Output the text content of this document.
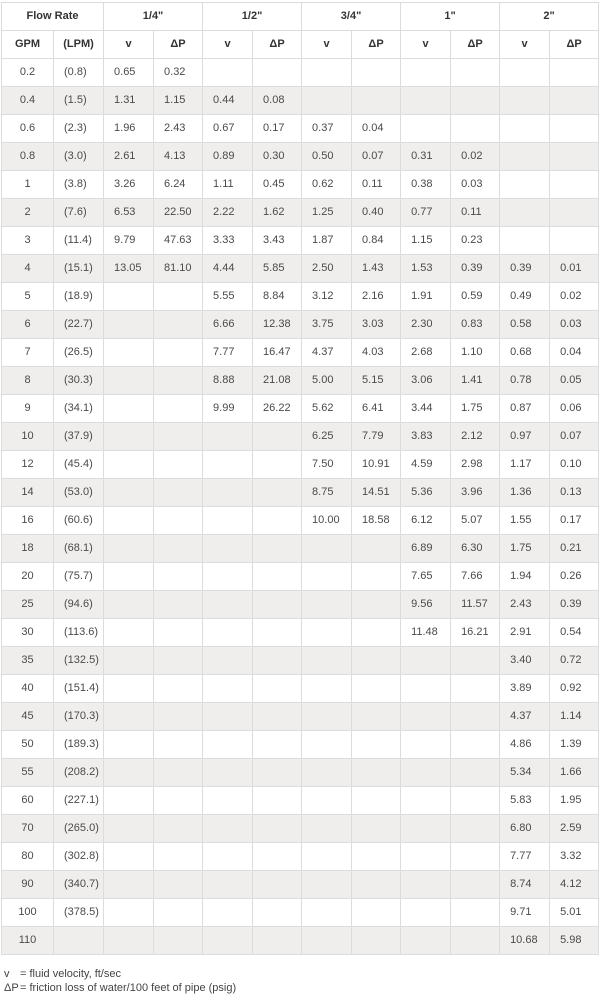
Flow Rate		1/4"		1/2"		3/4"		1"		2"	
GPM	(LPM)	v	ΔP	v	ΔP	v	ΔP	v	ΔP	v	ΔP
0.2	(0.8)	0.65	0.32								
0.4	(1.5)	1.31	1.15	0.44	0.08						
0.6	(2.3)	1.96	2.43	0.67	0.17	0.37	0.04				
0.8	(3.0)	2.61	4.13	0.89	0.30	0.50	0.07	0.31	0.02		
1	(3.8)	3.26	6.24	1.11	0.45	0.62	0.11	0.38	0.03		
2	(7.6)	6.53	22.50	2.22	1.62	1.25	0.40	0.77	0.11		
3	(11.4)	9.79	47.63	3.33	3.43	1.87	0.84	1.15	0.23		
4	(15.1)	13.05	81.10	4.44	5.85	2.50	1.43	1.53	0.39	0.39	0.01
5	(18.9)			5.55	8.84	3.12	2.16	1.91	0.59	0.49	0.02
6	(22.7)			6.66	12.38	3.75	3.03	2.30	0.83	0.58	0.03
7	(26.5)			7.77	16.47	4.37	4.03	2.68	1.10	0.68	0.04
8	(30.3)			8.88	21.08	5.00	5.15	3.06	1.41	0.78	0.05
9	(34.1)			9.99	26.22	5.62	6.41	3.44	1.75	0.87	0.06
10	(37.9)					6.25	7.79	3.83	2.12	0.97	0.07
12	(45.4)					7.50	10.91	4.59	2.98	1.17	0.10
14	(53.0)					8.75	14.51	5.36	3.96	1.36	0.13
16	(60.6)					10.00	18.58	6.12	5.07	1.55	0.17
18	(68.1)							6.89	6.30	1.75	0.21
20	(75.7)							7.65	7.66	1.94	0.26
25	(94.6)							9.56	11.57	2.43	0.39
30	(113.6)							11.48	16.21	2.91	0.54
35	(132.5)									3.40	0.72
40	(151.4)									3.89	0.92
45	(170.3)									4.37	1.14
50	(189.3)									4.86	1.39
55	(208.2)									5.34	1.66
60	(227.1)									5.83	1.95
70	(265.0)									6.80	2.59
80	(302.8)									7.77	3.32
90	(340.7)									8.74	4.12
100	(378.5)									9.71	5.01
110										10.68	5.98
v = fluid velocity, ft/sec
ΔP= friction loss of water/100 feet of pipe (psig)
